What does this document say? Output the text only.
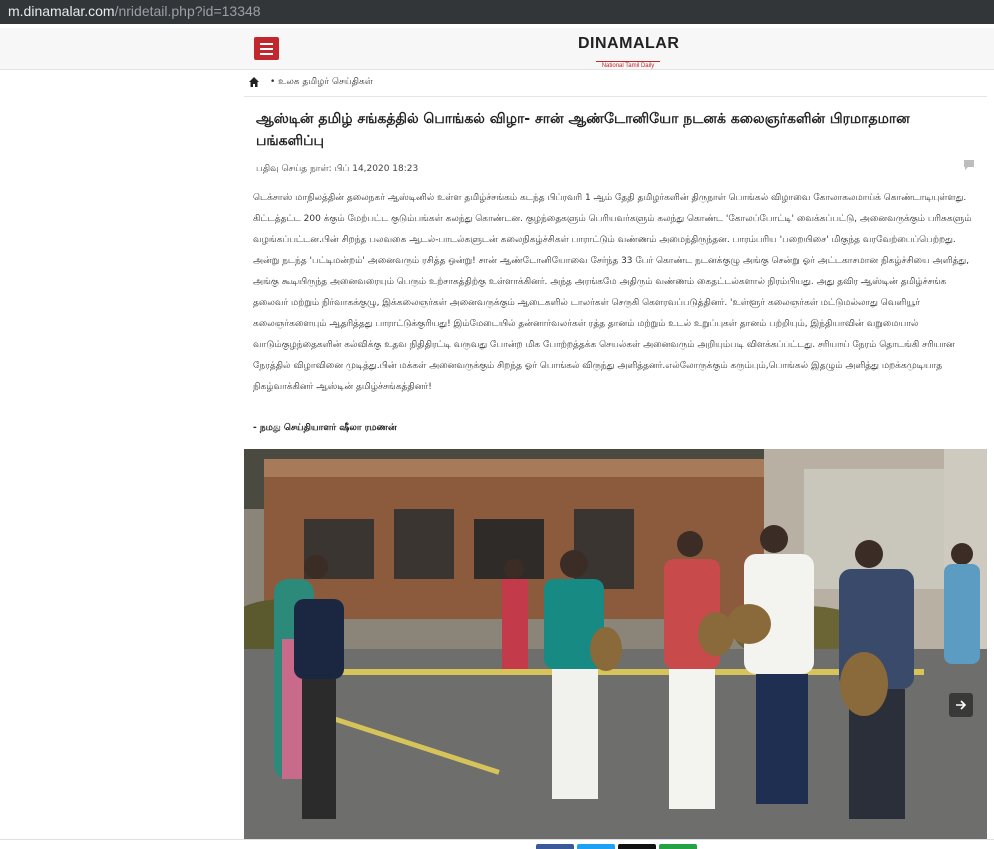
m.dinamalar.com/nridetail.php?id=13348
DINAMALAR
National Tamil Daily
• உலக தமிழர் செய்திகள்
ஆஸ்டின் தமிழ் சங்கத்தில் பொங்கல் விழா- சான் ஆண்டோனியோ நடனக் கலைஞர்களின் பிரமாதமான பங்களிப்பு
பதிவு செய்த நாள்: பிப் 14,2020 18:23

டெக்சாஸ் மாநிலத்தின் தலைநகர் ஆஸ்டினில் உள்ள தமிழ்ச்சங்கம் கடந்த பிப்ரவரி 1 ஆம் தேதி தமிழர்களின் திருநாள் பொங்கல் விழாவை கோலாகலமாய்க் கொண்டாடியுள்ளது. கிட்டத்தட்ட 200 க்கும் மேற்பட்ட குடும்பங்கள் கலந்து கொண்டன. குழந்தைகளும் பெரியவர்களும் கலந்து கொண்ட 'கோலப்போட்டி' வைக்கப்பட்டு, அனைவருக்கும் பரிசுகளும் வழங்கப்பட்டன.பின் சிறந்த பலவகை ஆடல்-பாடல்களுடன் கலைநிகழ்ச்சிகள் பாராட்டும் வண்ணம் அமைந்திருந்தன. பாரம்பரிய 'பறையிசை' மிகுந்த வரவேற்பைப்பெற்றது. அன்று நடந்த 'பட்டிமன்றம்' அனைவரும் ரசித்த ஒன்று! சான் ஆண்டோனியோவை சேர்ந்த 33 பேர் கொண்ட நடனக்குழு அங்கு சென்று ஓர் அட்டகாசமான நிகழ்ச்சியை அளித்து, அங்கு கூடியிருந்த அனைவரையும் பெரும் உற்சாகத்திற்கு உள்ளாக்கினர். அந்த அரங்கமே அதிரும் வண்ணம் கைதட்டல்களால் நிரம்பியது. அது தவிர ஆஸ்டின் தமிழ்ச்சங்க தலைவர் மற்றும் நிர்வாகக்குழு, இக்கலைஞர்கள் அனைவருக்கும் ஆடைகளில் டாலர்கள் செருகி கௌரவப்படுத்தினர். 'உள்ளூர் கலைஞர்கள் மட்டுமல்லாது வெளியூர் கலைஞர்களையும் ஆதரித்தது பாராட்டுக்குரியது! இம்மேடையில் தன்னார்வலர்கள் ரத்த தானம் மற்றும் உடல் உறுப்புகள் தானம் பற்றியும், இந்தியாவின் வறுமையால் வாடும்குழந்தைகளின் கல்விக்கு உதவ நிதிதிரட்டி வருவது போன்ற மிக போற்றத்தக்க செயல்கள் அனைவரும் அறியும்படி விளக்கப்பட்டது. சரியாய் நேரம் தொடங்கி சரியான நேரத்தில் விழாவினை முடித்து.பின் மக்கள் அனைவருக்கும் சிறந்த ஓர் பொங்கல் விருந்து அளித்தனர்.எல்லோருக்கும் கரும்பும்,பொங்கல் இதழும் அளித்து மறக்கமுடியாத நிகழ்வாக்கினர் ஆஸ்டின் தமிழ்ச்சங்கத்தினர்!

- நமது செய்தியாளர் ஷீலா ரமணன்
